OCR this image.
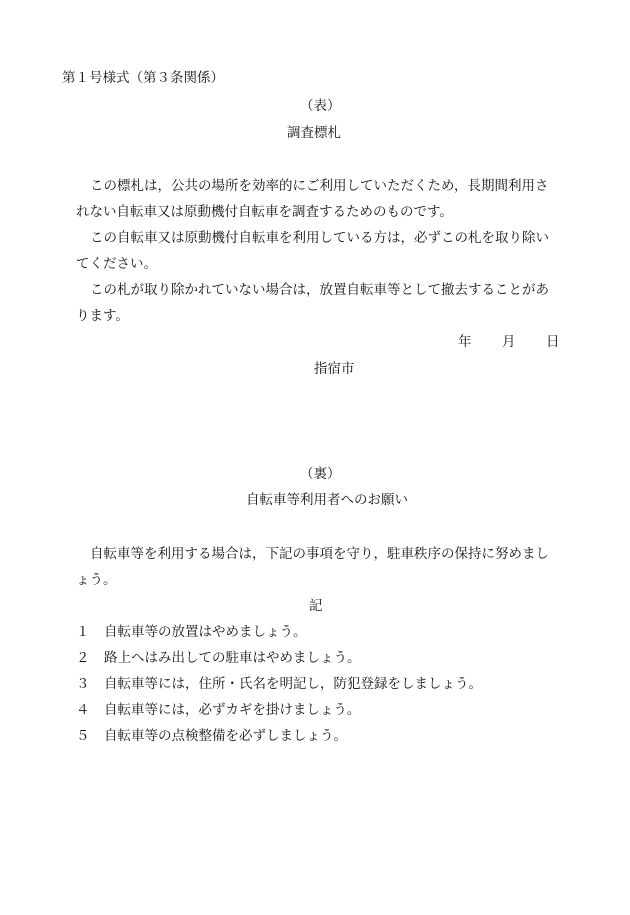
第１号様式（第３条関係）
（表）
調査標札
この標札は，公共の場所を効率的にご利用していただくため，長期間利用さ
れない自転車又は原動機付自転車を調査するためのものです。
この自転車又は原動機付自転車を利用している方は，必ずこの札を取り除い
てください。
この札が取り除かれていない場合は，放置自転車等として撤去することがあ
ります。
年 月 日
指宿市
（裏）
自転車等利用者へのお願い
自転車等を利用する場合は，下記の事項を守り，駐車秩序の保持に努めまし
ょう。
記
１ 自転車等の放置はやめましょう。
２ 路上へはみ出しての駐車はやめましょう。
３ 自転車等には，住所・氏名を明記し，防犯登録をしましょう。
４ 自転車等には，必ずカギを掛けましょう。
５ 自転車等の点検整備を必ずしましょう。
